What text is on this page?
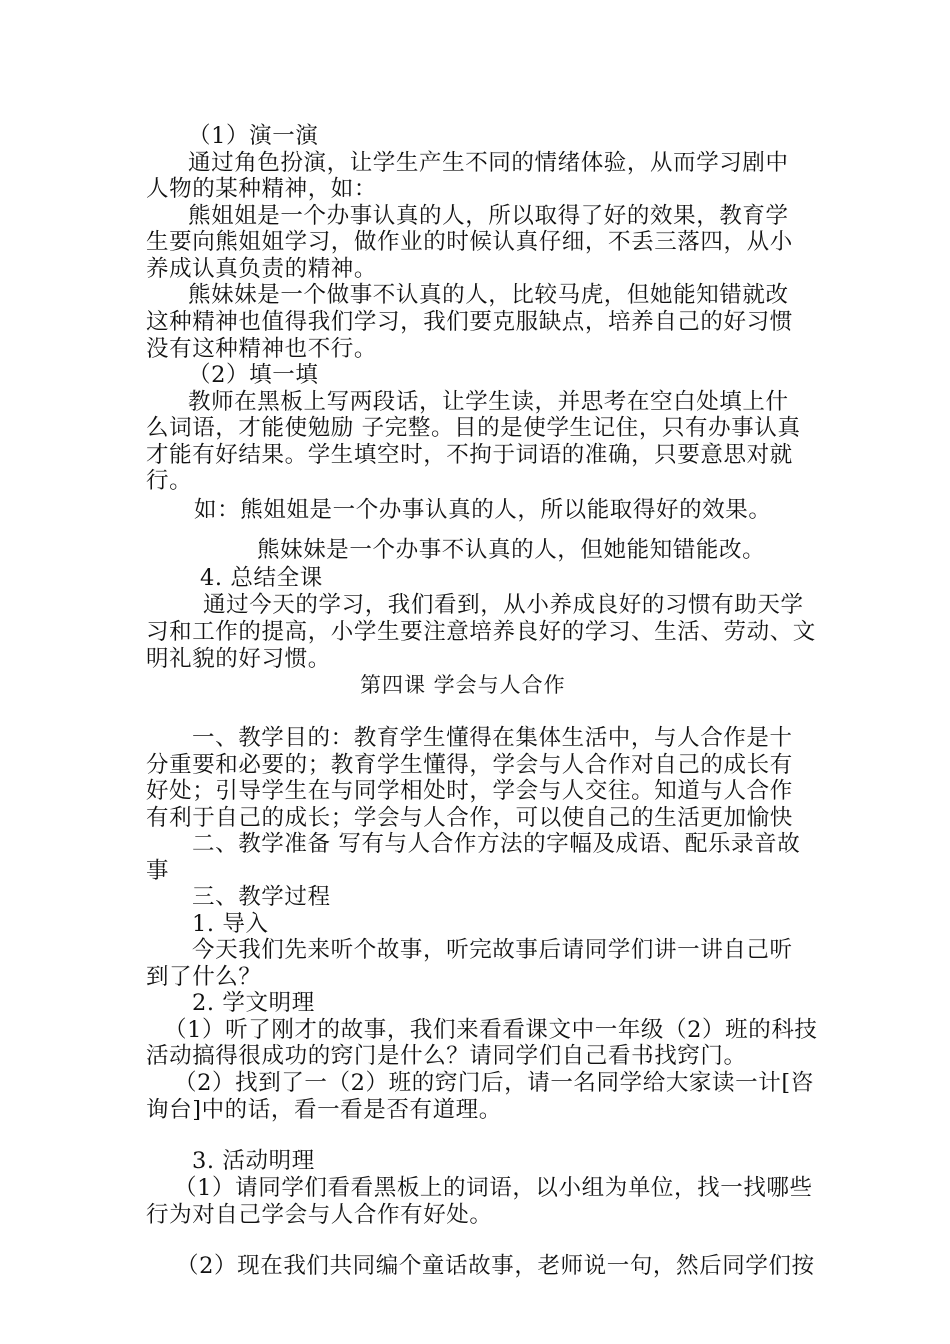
（1）演一演
通过角色扮演，让学生产生不同的情绪体验，从而学习剧中
人物的某种精神，如：
熊姐姐是一个办事认真的人，所以取得了好的效果，教育学
生要向熊姐姐学习，做作业的时候认真仔细，不丢三落四，从小
养成认真负责的精神。
熊妹妹是一个做事不认真的人，比较马虎，但她能知错就改
这种精神也值得我们学习，我们要克服缺点，培养自己的好习惯
没有这种精神也不行。
（2）填一填
教师在黑板上写两段话，让学生读，并思考在空白处填上什
么词语，才能使勉励 子完整。目的是使学生记住，只有办事认真
才能有好结果。学生填空时，不拘于词语的准确，只要意思对就
行。
如：熊姐姐是一个办事认真的人，所以能取得好的效果。
熊妹妹是一个办事不认真的人，但她能知错能改。
4. 总结全课
通过今天的学习，我们看到，从小养成良好的习惯有助天学
习和工作的提高，小学生要注意培养良好的学习、生活、劳动、文
明礼貌的好习惯。
第四课 学会与人合作
一、教学目的：教育学生懂得在集体生活中，与人合作是十
分重要和必要的；教育学生懂得，学会与人合作对自己的成长有
好处；引导学生在与同学相处时，学会与人交往。知道与人合作
有利于自己的成长；学会与人合作，可以使自己的生活更加愉快
二、教学准备 写有与人合作方法的字幅及成语、配乐录音故
事
三、教学过程
1. 导入
今天我们先来听个故事，听完故事后请同学们讲一讲自己听
到了什么？
2. 学文明理
（1）听了刚才的故事，我们来看看课文中一年级（2）班的科技
活动搞得很成功的窍门是什么？请同学们自己看书找窍门。
（2）找到了一（2）班的窍门后，请一名同学给大家读一计[咨
询台]中的话，看一看是否有道理。
3. 活动明理
（1）请同学们看看黑板上的词语，以小组为单位，找一找哪些
行为对自己学会与人合作有好处。
（2）现在我们共同编个童话故事，老师说一句，然后同学们按
